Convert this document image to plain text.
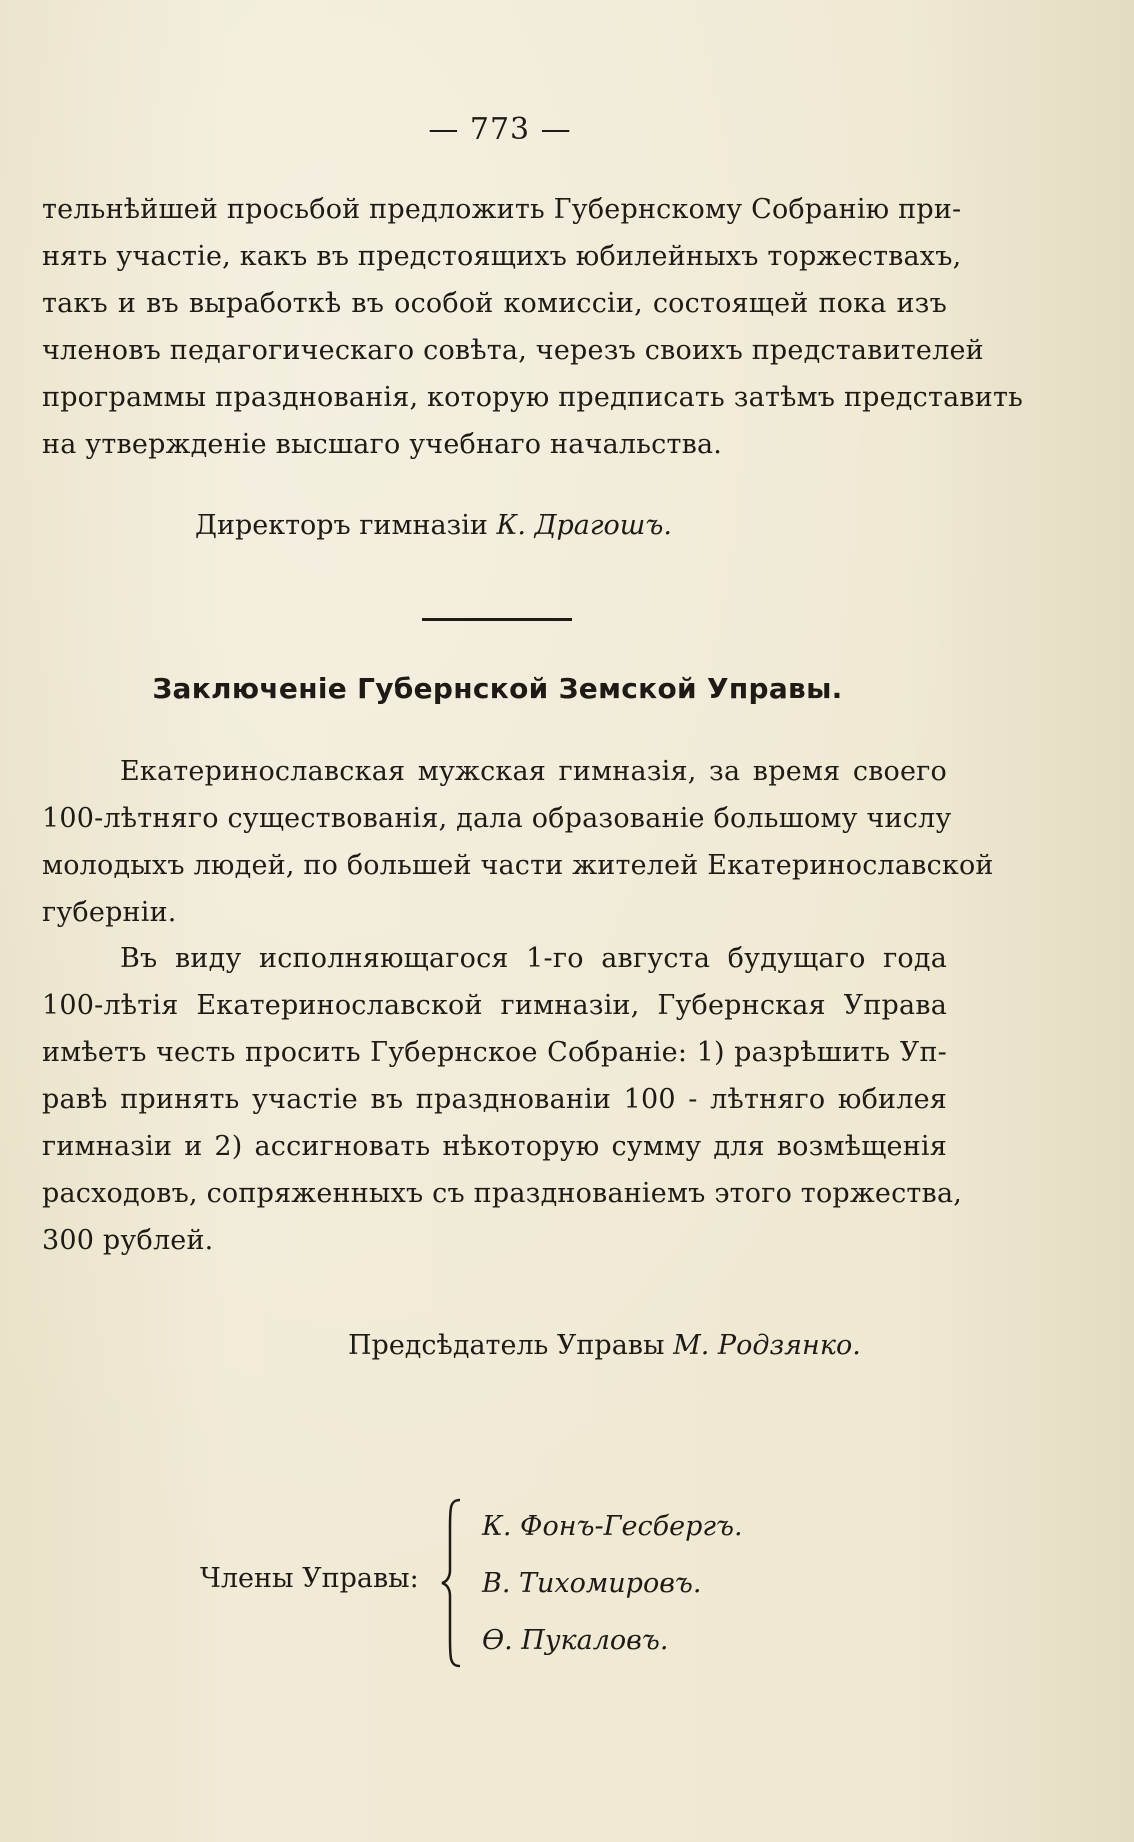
— 773 —
тельнѣйшей просьбой предложить Губернскому Собранію при-
нять участіе, какъ въ предстоящихъ юбилейныхъ торжествахъ,
такъ и въ выработкѣ въ особой комиссіи, состоящей пока изъ
членовъ педагогическаго совѣта, черезъ своихъ представителей
программы празднованія, которую предписать затѣмъ представить
на утвержденіе высшаго учебнаго начальства.
Директоръ гимназіи К. Драгошъ.
Заключеніе Губернской Земской Управы.
Екатеринославская мужская гимназія, за время своего
100-лѣтняго существованія, дала образованіе большому числу
молодыхъ людей, по большей части жителей Екатеринославской
губерніи.
Въ виду исполняющагося 1-го августа будущаго года
100-лѣтія Екатеринославской гимназіи, Губернская Управа
имѣетъ честь просить Губернское Собраніе: 1) разрѣшить Уп-
равѣ принять участіе въ празднованіи 100 - лѣтняго юбилея
гимназіи и 2) ассигновать нѣкоторую сумму для возмѣщенія
расходовъ, сопряженныхъ съ празднованіемъ этого торжества,
300 рублей.
Предсѣдатель Управы М. Родзянко.
Члены Управы:
К. Фонъ-Гесбергъ.
В. Тихомировъ.
Ѳ. Пукаловъ.
